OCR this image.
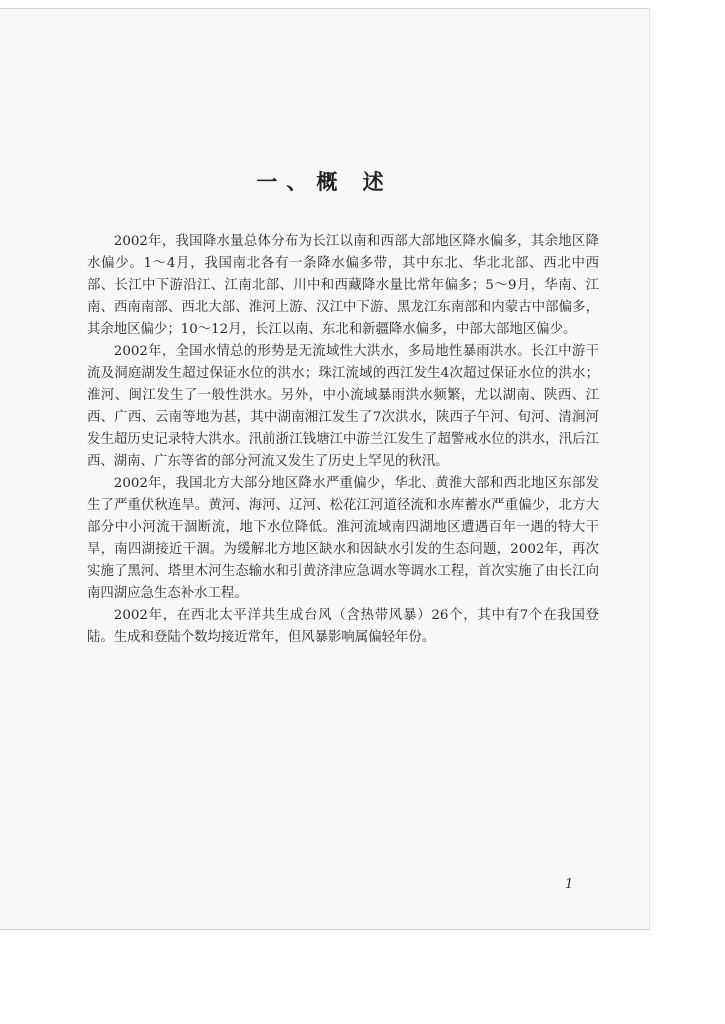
一、概 述

2002年，我国降水量总体分布为长江以南和西部大部地区降水偏多，其余地区降水偏少。1～4月，我国南北各有一条降水偏多带，其中东北、华北北部、西北中西部、长江中下游沿江、江南北部、川中和西藏降水量比常年偏多；5～9月，华南、江南、西南南部、西北大部、淮河上游、汉江中下游、黑龙江东南部和内蒙古中部偏多，其余地区偏少；10～12月，长江以南、东北和新疆降水偏多，中部大部地区偏少。

2002年，全国水情总的形势是无流域性大洪水，多局地性暴雨洪水。长江中游干流及洞庭湖发生超过保证水位的洪水；珠江流域的西江发生4次超过保证水位的洪水；淮河、闽江发生了一般性洪水。另外，中小流域暴雨洪水频繁，尤以湖南、陕西、江西、广西、云南等地为甚，其中湖南湘江发生了7次洪水，陕西子午河、旬河、清涧河发生超历史记录特大洪水。汛前浙江钱塘江中游兰江发生了超警戒水位的洪水，汛后江西、湖南、广东等省的部分河流又发生了历史上罕见的秋汛。

2002年，我国北方大部分地区降水严重偏少，华北、黄淮大部和西北地区东部发生了严重伏秋连旱。黄河、海河、辽河、松花江河道径流和水库蓄水严重偏少，北方大部分中小河流干涸断流，地下水位降低。淮河流域南四湖地区遭遇百年一遇的特大干旱，南四湖接近干涸。为缓解北方地区缺水和因缺水引发的生态问题，2002年，再次实施了黑河、塔里木河生态输水和引黄济津应急调水等调水工程，首次实施了由长江向南四湖应急生态补水工程。

2002年，在西北太平洋共生成台风（含热带风暴）26个，其中有7个在我国登陆。生成和登陆个数均接近常年，但风暴影响属偏轻年份。

1
